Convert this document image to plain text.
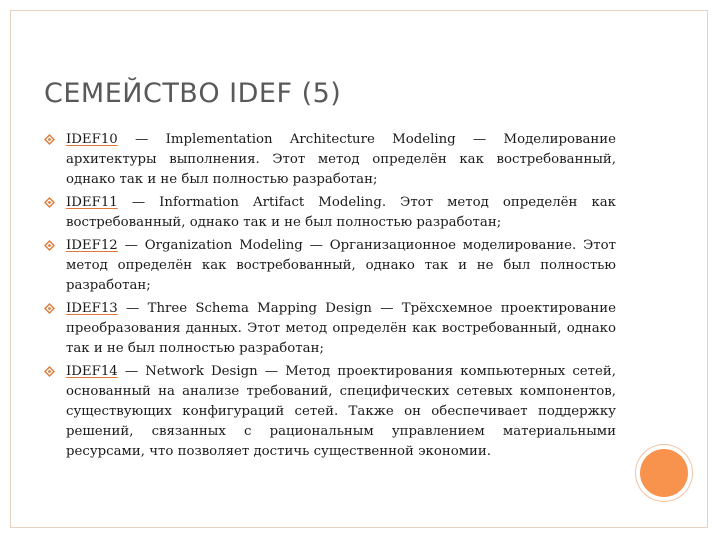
СЕМЕЙСТВО IDEF (5)
IDEF10 — Implementation Architecture Modeling — Моделирование архитектуры выполнения. Этот метод определён как востребованный, однако так и не был полностью разработан;
IDEF11 — Information Artifact Modeling. Этот метод определён как востребованный, однако так и не был полностью разработан;
IDEF12 — Organization Modeling — Организационное моделирование. Этот метод определён как востребованный, однако так и не был полностью разработан;
IDEF13 — Three Schema Mapping Design — Трёхсхемное проектирование преобразования данных. Этот метод определён как востребованный, однако так и не был полностью разработан;
IDEF14 — Network Design — Метод проектирования компьютерных сетей, основанный на анализе требований, специфических сетевых компонентов, существующих конфигураций сетей. Также он обеспечивает поддержку решений, связанных с рациональным управлением материальными ресурсами, что позволяет достичь существенной экономии.
